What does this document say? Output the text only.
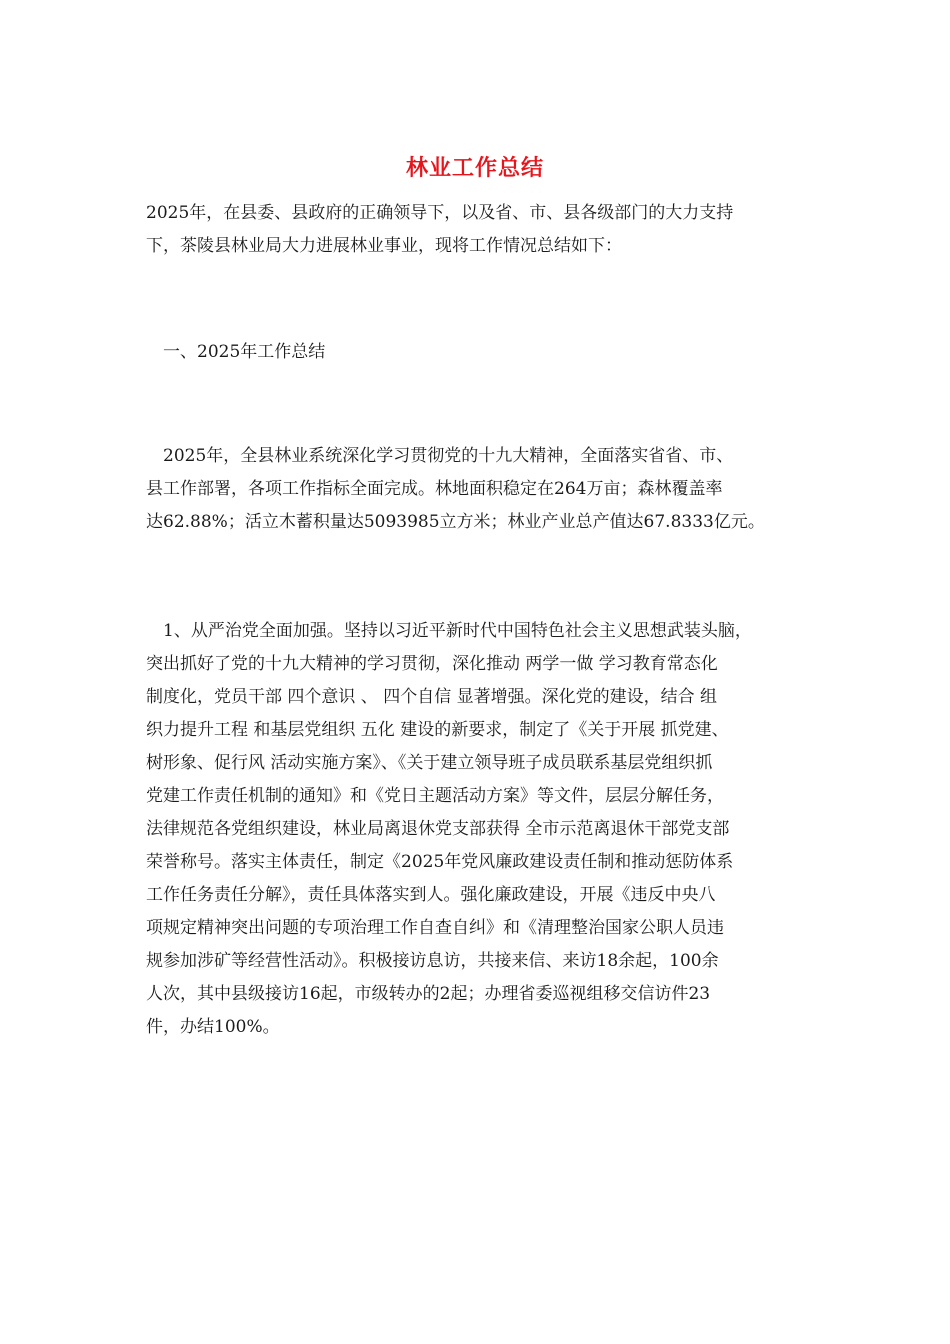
林业工作总结
2025年，在县委、县政府的正确领导下，以及省、市、县各级部门的大力支持
下，茶陵县林业局大力进展林业事业，现将工作情况总结如下：
　一、2025年工作总结
　2025年，全县林业系统深化学习贯彻党的十九大精神，全面落实省省、市、
县工作部署，各项工作指标全面完成。林地面积稳定在264万亩；森林覆盖率
达62.88%；活立木蓄积量达5093985立方米；林业产业总产值达67.8333亿元。
　1、从严治党全面加强。坚持以习近平新时代中国特色社会主义思想武装头脑，
突出抓好了党的十九大精神的学习贯彻，深化推动 两学一做 学习教育常态化
制度化，党员干部 四个意识 、 四个自信 显著增强。深化党的建设，结合 组
织力提升工程 和基层党组织 五化 建设的新要求，制定了《关于开展 抓党建、
树形象、促行风 活动实施方案》、《关于建立领导班子成员联系基层党组织抓
党建工作责任机制的通知》和《党日主题活动方案》等文件，层层分解任务，
法律规范各党组织建设，林业局离退休党支部获得 全市示范离退休干部党支部
荣誉称号。落实主体责任，制定《2025年党风廉政建设责任制和推动惩防体系
工作任务责任分解》，责任具体落实到人。强化廉政建设，开展《违反中央八
项规定精神突出问题的专项治理工作自查自纠》和《清理整治国家公职人员违
规参加涉矿等经营性活动》。积极接访息访，共接来信、来访18余起，100余
人次，其中县级接访16起，市级转办的2起；办理省委巡视组移交信访件23
件，办结100%。
